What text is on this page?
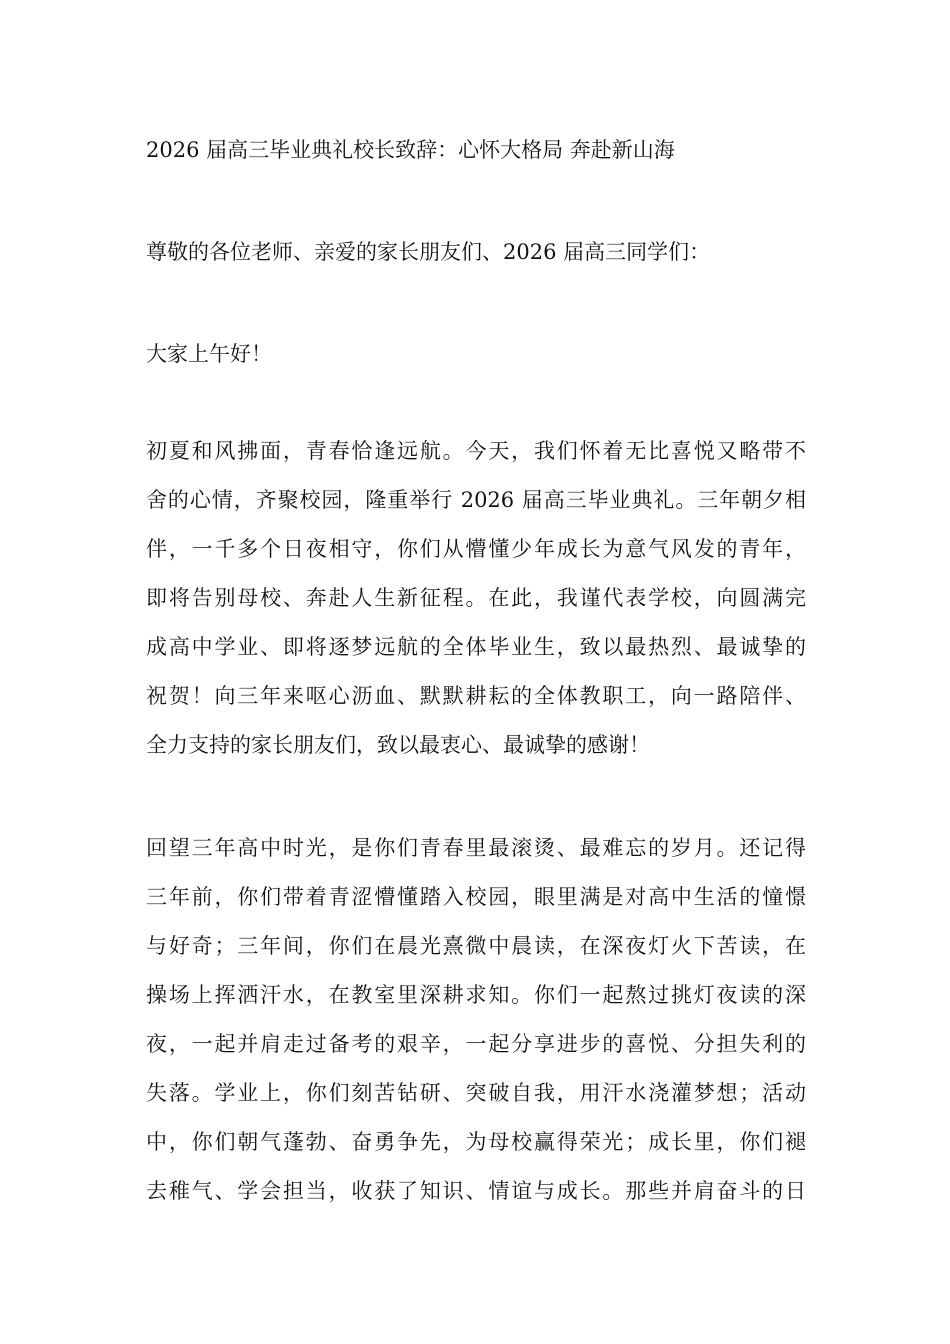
2026 届高三毕业典礼校长致辞：心怀大格局 奔赴新山海
尊敬的各位老师、亲爱的家长朋友们、2026 届高三同学们：
大家上午好！
初夏和风拂面，青春恰逢远航。今天，我们怀着无比喜悦又略带不
舍的心情，齐聚校园，隆重举行 2026 届高三毕业典礼。三年朝夕相
伴，一千多个日夜相守，你们从懵懂少年成长为意气风发的青年，
即将告别母校、奔赴人生新征程。在此，我谨代表学校，向圆满完
成高中学业、即将逐梦远航的全体毕业生，致以最热烈、最诚挚的
祝贺！向三年来呕心沥血、默默耕耘的全体教职工，向一路陪伴、
全力支持的家长朋友们，致以最衷心、最诚挚的感谢！
回望三年高中时光，是你们青春里最滚烫、最难忘的岁月。还记得
三年前，你们带着青涩懵懂踏入校园，眼里满是对高中生活的憧憬
与好奇；三年间，你们在晨光熹微中晨读，在深夜灯火下苦读，在
操场上挥洒汗水，在教室里深耕求知。你们一起熬过挑灯夜读的深
夜，一起并肩走过备考的艰辛，一起分享进步的喜悦、分担失利的
失落。学业上，你们刻苦钻研、突破自我，用汗水浇灌梦想；活动
中，你们朝气蓬勃、奋勇争先，为母校赢得荣光；成长里，你们褪
去稚气、学会担当，收获了知识、情谊与成长。那些并肩奋斗的日
